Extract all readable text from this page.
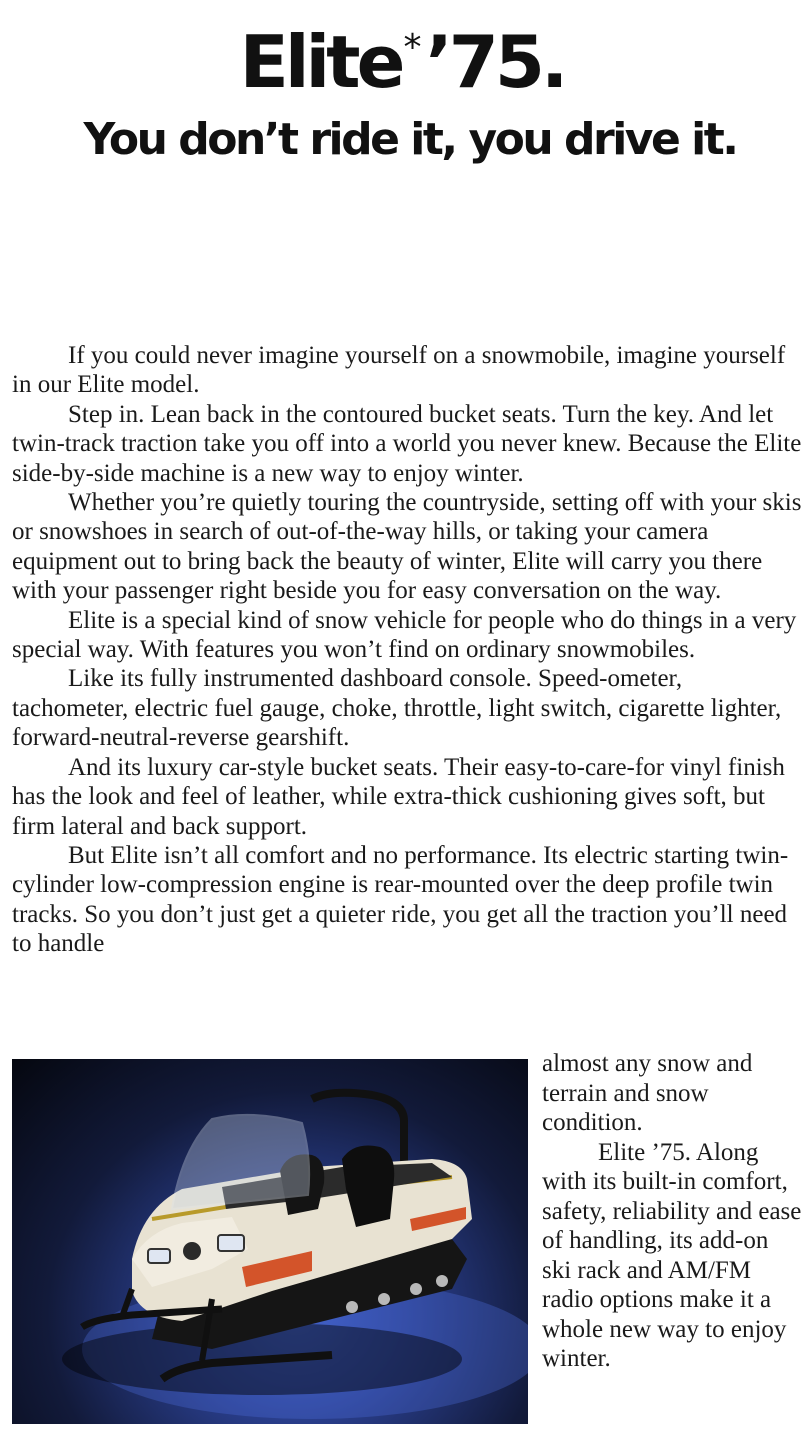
Elite*’75.
You don’t ride it, you drive it.

If you could never imagine yourself on a snowmobile, imagine yourself in our Elite model.

Step in. Lean back in the contoured bucket seats. Turn the key. And let twin-track traction take you off into a world you never knew. Because the Elite side-by-side machine is a new way to enjoy winter.

Whether you’re quietly touring the countryside, setting off with your skis or snowshoes in search of out-of-the-way hills, or taking your camera equipment out to bring back the beauty of winter, Elite will carry you there with your passenger right beside you for easy conversation on the way.

Elite is a special kind of snow vehicle for people who do things in a very special way. With features you won’t find on ordinary snowmobiles.

Like its fully instrumented dashboard console. Speed-ometer, tachometer, electric fuel gauge, choke, throttle, light switch, cigarette lighter, forward-neutral-reverse gearshift.

And its luxury car-style bucket seats. Their easy-to-care-for vinyl finish has the look and feel of leather, while extra-thick cushioning gives soft, but firm lateral and back support.

But Elite isn’t all comfort and no performance. Its electric starting twin-cylinder low-compression engine is rear-mounted over the deep profile twin tracks. So you don’t just get a quieter ride, you get all the traction you’ll need to handle

almost any snow and terrain and snow condition.

Elite ’75. Along with its built-in comfort, safety, reliability and ease of handling, its add-on ski rack and AM/FM radio options make it a whole new way to enjoy winter.
